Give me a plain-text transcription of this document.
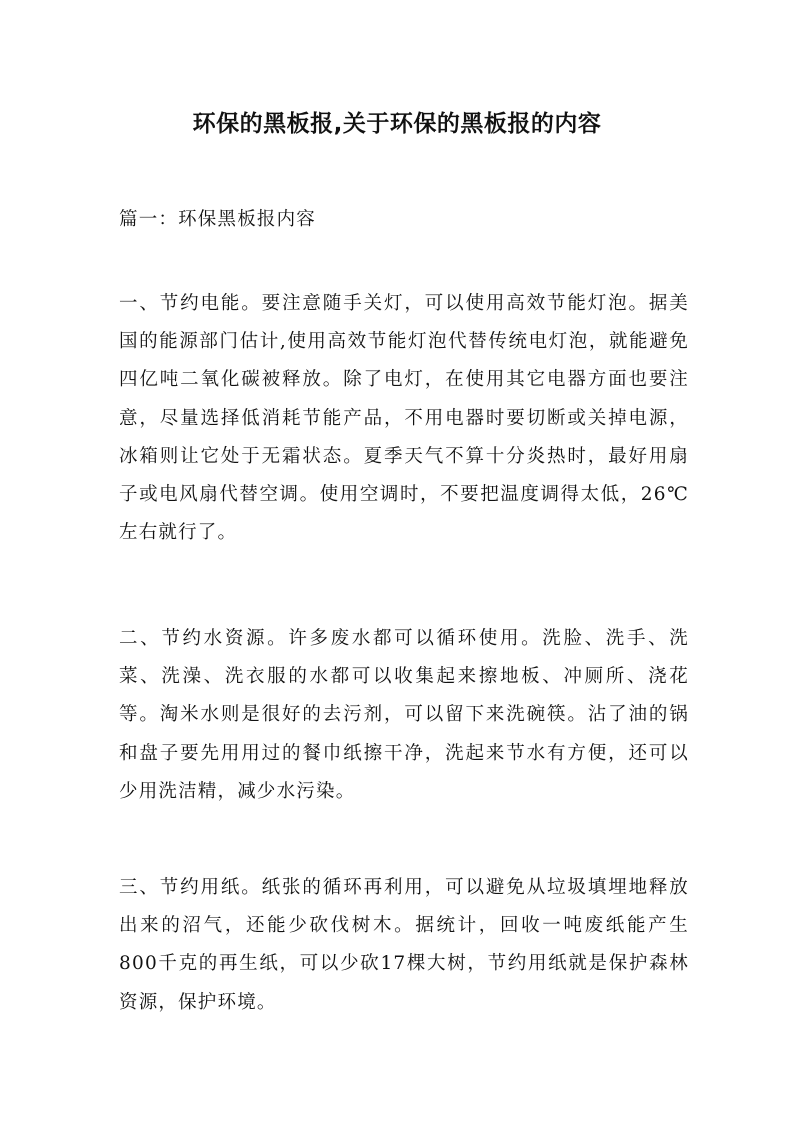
环保的黑板报,关于环保的黑板报的内容

篇一：环保黑板报内容

一、节约电能。要注意随手关灯，可以使用高效节能灯泡。据美国的能源部门估计,使用高效节能灯泡代替传统电灯泡，就能避免四亿吨二氧化碳被释放。除了电灯，在使用其它电器方面也要注意，尽量选择低消耗节能产品，不用电器时要切断或关掉电源，冰箱则让它处于无霜状态。夏季天气不算十分炎热时，最好用扇子或电风扇代替空调。使用空调时，不要把温度调得太低，26℃左右就行了。

二、节约水资源。许多废水都可以循环使用。洗脸、洗手、洗菜、洗澡、洗衣服的水都可以收集起来擦地板、冲厕所、浇花等。淘米水则是很好的去污剂，可以留下来洗碗筷。沾了油的锅和盘子要先用用过的餐巾纸擦干净，洗起来节水有方便，还可以少用洗洁精，减少水污染。

三、节约用纸。纸张的循环再利用，可以避免从垃圾填埋地释放出来的沼气，还能少砍伐树木。据统计，回收一吨废纸能产生800千克的再生纸，可以少砍17棵大树，节约用纸就是保护森林资源，保护环境。
